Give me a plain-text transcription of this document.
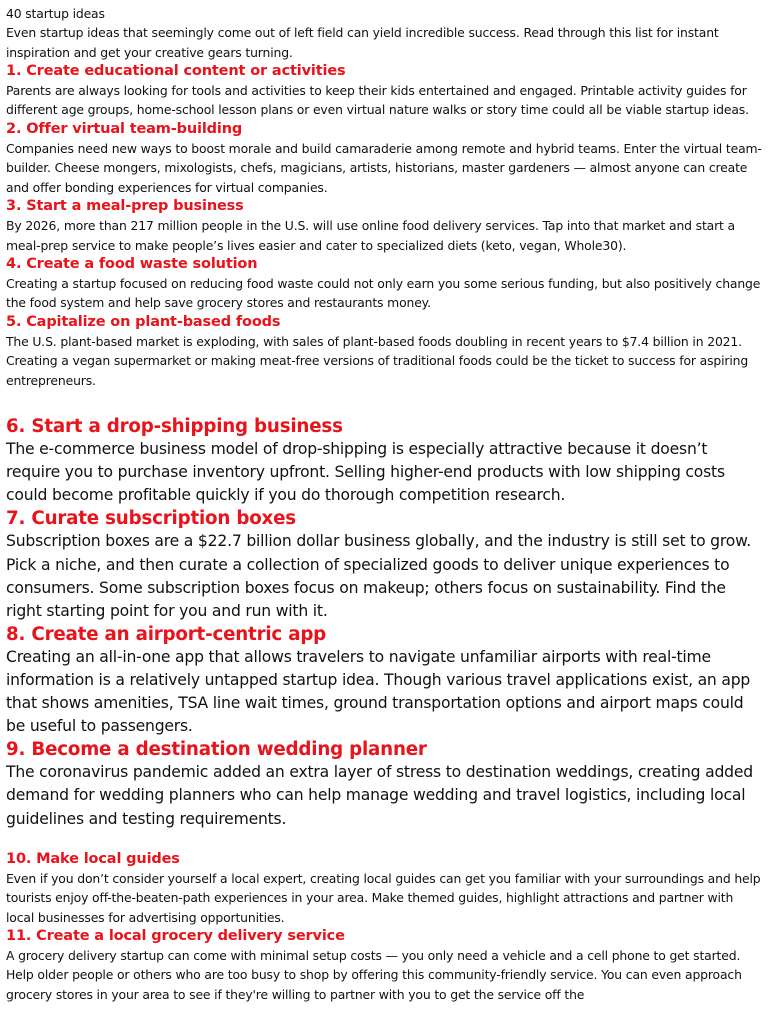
40 startup ideas

Even startup ideas that seemingly come out of left field can yield incredible success. Read through this list for instant inspiration and get your creative gears turning.

1. Create educational content or activities

Parents are always looking for tools and activities to keep their kids entertained and engaged. Printable activity guides for different age groups, home-school lesson plans or even virtual nature walks or story time could all be viable startup ideas.

2. Offer virtual team-building

Companies need new ways to boost morale and build camaraderie among remote and hybrid teams. Enter the virtual team-builder. Cheese mongers, mixologists, chefs, magicians, artists, historians, master gardeners — almost anyone can create and offer bonding experiences for virtual companies.

3. Start a meal-prep business

By 2026, more than 217 million people in the U.S. will use online food delivery services. Tap into that market and start a meal-prep service to make people’s lives easier and cater to specialized diets (keto, vegan, Whole30).

4. Create a food waste solution

Creating a startup focused on reducing food waste could not only earn you some serious funding, but also positively change the food system and help save grocery stores and restaurants money.

5. Capitalize on plant-based foods

The U.S. plant-based market is exploding, with sales of plant-based foods doubling in recent years to $7.4 billion in 2021. Creating a vegan supermarket or making meat-free versions of traditional foods could be the ticket to success for aspiring entrepreneurs.

6. Start a drop-shipping business

The e-commerce business model of drop-shipping is especially attractive because it doesn’t require you to purchase inventory upfront. Selling higher-end products with low shipping costs could become profitable quickly if you do thorough competition research.

7. Curate subscription boxes

Subscription boxes are a $22.7 billion dollar business globally, and the industry is still set to grow. Pick a niche, and then curate a collection of specialized goods to deliver unique experiences to consumers. Some subscription boxes focus on makeup; others focus on sustainability. Find the right starting point for you and run with it.

8. Create an airport-centric app

Creating an all-in-one app that allows travelers to navigate unfamiliar airports with real-time information is a relatively untapped startup idea. Though various travel applications exist, an app that shows amenities, TSA line wait times, ground transportation options and airport maps could be useful to passengers.

9. Become a destination wedding planner

The coronavirus pandemic added an extra layer of stress to destination weddings, creating added demand for wedding planners who can help manage wedding and travel logistics, including local guidelines and testing requirements.

10. Make local guides

Even if you don’t consider yourself a local expert, creating local guides can get you familiar with your surroundings and help tourists enjoy off-the-beaten-path experiences in your area. Make themed guides, highlight attractions and partner with local businesses for advertising opportunities.

11. Create a local grocery delivery service

A grocery delivery startup can come with minimal setup costs — you only need a vehicle and a cell phone to get started. Help older people or others who are too busy to shop by offering this community-friendly service. You can even approach grocery stores in your area to see if they're willing to partner with you to get the service off the
